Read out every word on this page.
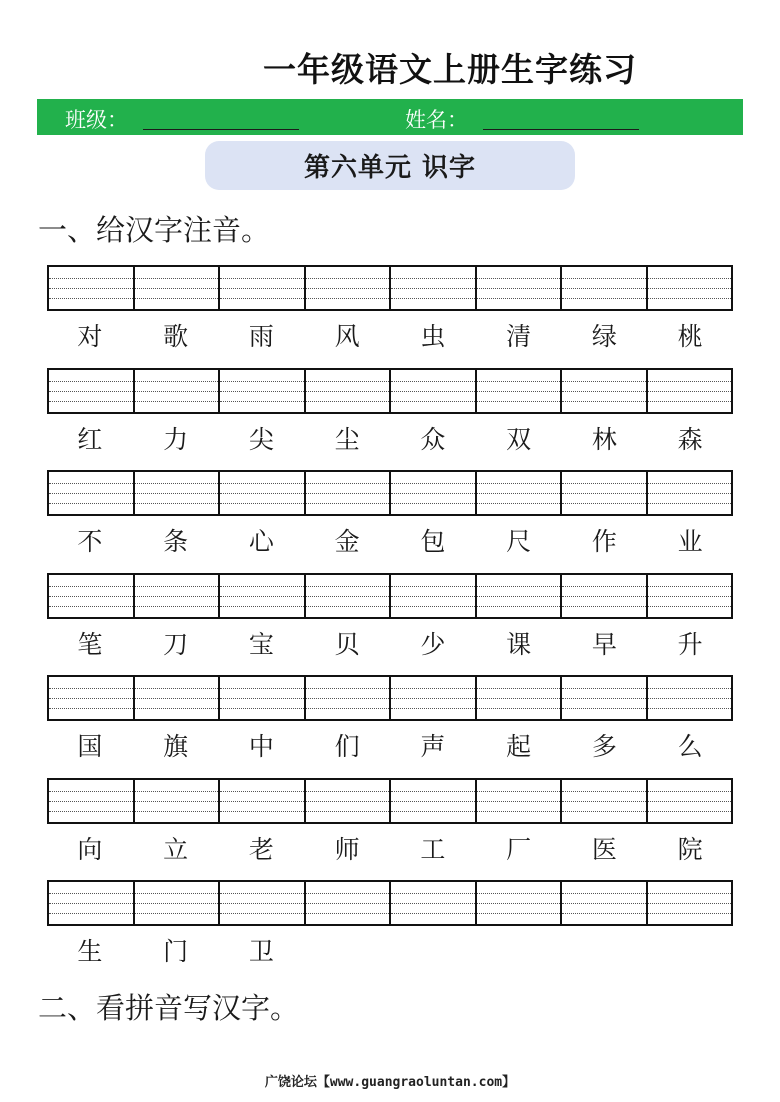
一年级语文上册生字练习
班级：	姓名：
第六单元 识字
一、给汉字注音。
对	歌	雨	风	虫	清	绿	桃
红	力	尖	尘	众	双	林	森
不	条	心	金	包	尺	作	业
笔	刀	宝	贝	少	课	早	升
国	旗	中	们	声	起	多	么
向	立	老	师	工	厂	医	院
生	门	卫
二、看拼音写汉字。
广饶论坛【www.guangraoluntan.com】
